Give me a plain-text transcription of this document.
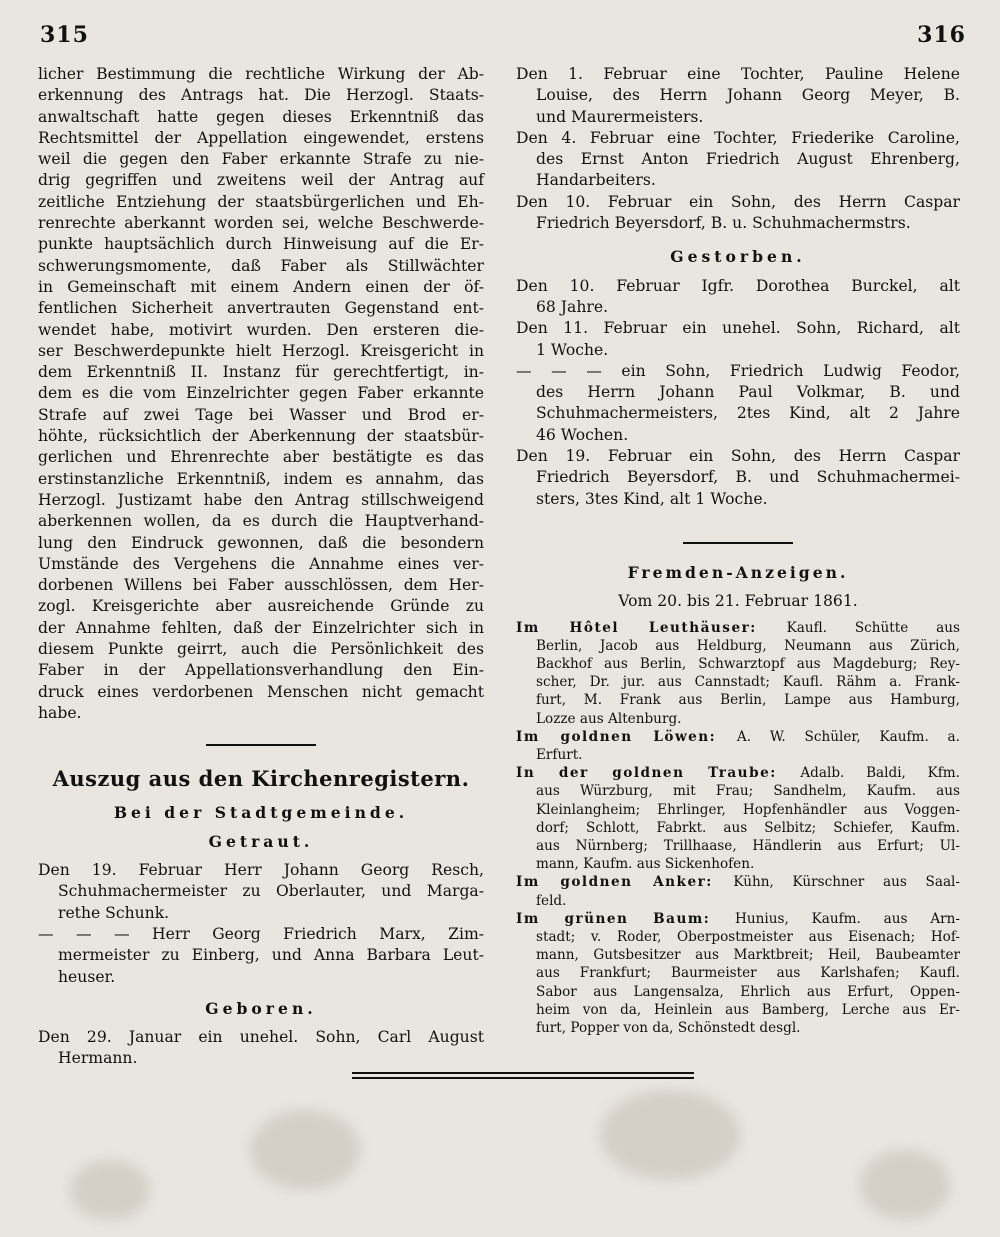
315	316
licher Bestimmung die rechtliche Wirkung der Ab-
erkennung des Antrags hat. Die Herzogl. Staats-
anwaltschaft hatte gegen dieses Erkenntniß das
Rechtsmittel der Appellation eingewendet, erstens
weil die gegen den Faber erkannte Strafe zu nie-
drig gegriffen und zweitens weil der Antrag auf
zeitliche Entziehung der staatsbürgerlichen und Eh-
renrechte aberkannt worden sei, welche Beschwerde-
punkte hauptsächlich durch Hinweisung auf die Er-
schwerungsmomente, daß Faber als Stillwächter
in Gemeinschaft mit einem Andern einen der öf-
fentlichen Sicherheit anvertrauten Gegenstand ent-
wendet habe, motivirt wurden. Den ersteren die-
ser Beschwerdepunkte hielt Herzogl. Kreisgericht in
dem Erkenntniß II. Instanz für gerechtfertigt, in-
dem es die vom Einzelrichter gegen Faber erkannte
Strafe auf zwei Tage bei Wasser und Brod er-
höhte, rücksichtlich der Aberkennung der staatsbür-
gerlichen und Ehrenrechte aber bestätigte es das
erstinstanzliche Erkenntniß, indem es annahm, das
Herzogl. Justizamt habe den Antrag stillschweigend
aberkennen wollen, da es durch die Hauptverhand-
lung den Eindruck gewonnen, daß die besondern
Umstände des Vergehens die Annahme eines ver-
dorbenen Willens bei Faber ausschlössen, dem Her-
zogl. Kreisgerichte aber ausreichende Gründe zu
der Annahme fehlten, daß der Einzelrichter sich in
diesem Punkte geirrt, auch die Persönlichkeit des
Faber in der Appellationsverhandlung den Ein-
druck eines verdorbenen Menschen nicht gemacht
habe.
Auszug aus den Kirchenregistern.
Bei der Stadtgemeinde.
Getraut.
Den 19. Februar Herr Johann Georg Resch,
Schuhmachermeister zu Oberlauter, und Marga-
rethe Schunk.
— — — Herr Georg Friedrich Marx, Zim-
mermeister zu Einberg, und Anna Barbara Leut-
heuser.
Geboren.
Den 29. Januar ein unehel. Sohn, Carl August
Hermann.
Den 1. Februar eine Tochter, Pauline Helene
Louise, des Herrn Johann Georg Meyer, B.
und Maurermeisters.
Den 4. Februar eine Tochter, Friederike Caroline,
des Ernst Anton Friedrich August Ehrenberg,
Handarbeiters.
Den 10. Februar ein Sohn, des Herrn Caspar
Friedrich Beyersdorf, B. u. Schuhmachermstrs.
Gestorben.
Den 10. Februar Igfr. Dorothea Burckel, alt
68 Jahre.
Den 11. Februar ein unehel. Sohn, Richard, alt
1 Woche.
— — — ein Sohn, Friedrich Ludwig Feodor,
des Herrn Johann Paul Volkmar, B. und
Schuhmachermeisters, 2tes Kind, alt 2 Jahre
46 Wochen.
Den 19. Februar ein Sohn, des Herrn Caspar
Friedrich Beyersdorf, B. und Schuhmachermei-
sters, 3tes Kind, alt 1 Woche.
Fremden-Anzeigen.
Vom 20. bis 21. Februar 1861.
Im Hôtel Leuthäuser: Kaufl. Schütte aus
Berlin, Jacob aus Heldburg, Neumann aus Zürich,
Backhof aus Berlin, Schwarztopf aus Magdeburg; Rey-
scher, Dr. jur. aus Cannstadt; Kaufl. Rähm a. Frank-
furt, M. Frank aus Berlin, Lampe aus Hamburg,
Lozze aus Altenburg.
Im goldnen Löwen: A. W. Schüler, Kaufm. a.
Erfurt.
In der goldnen Traube: Adalb. Baldi, Kfm.
aus Würzburg, mit Frau; Sandhelm, Kaufm. aus
Kleinlangheim; Ehrlinger, Hopfenhändler aus Voggen-
dorf; Schlott, Fabrkt. aus Selbitz; Schiefer, Kaufm.
aus Nürnberg; Trillhaase, Händlerin aus Erfurt; Ul-
mann, Kaufm. aus Sickenhofen.
Im goldnen Anker: Kühn, Kürschner aus Saal-
feld.
Im grünen Baum: Hunius, Kaufm. aus Arn-
stadt; v. Roder, Oberpostmeister aus Eisenach; Hof-
mann, Gutsbesitzer aus Marktbreit; Heil, Baubeamter
aus Frankfurt; Baurmeister aus Karlshafen; Kaufl.
Sabor aus Langensalza, Ehrlich aus Erfurt, Oppen-
heim von da, Heinlein aus Bamberg, Lerche aus Er-
furt, Popper von da, Schönstedt desgl.
